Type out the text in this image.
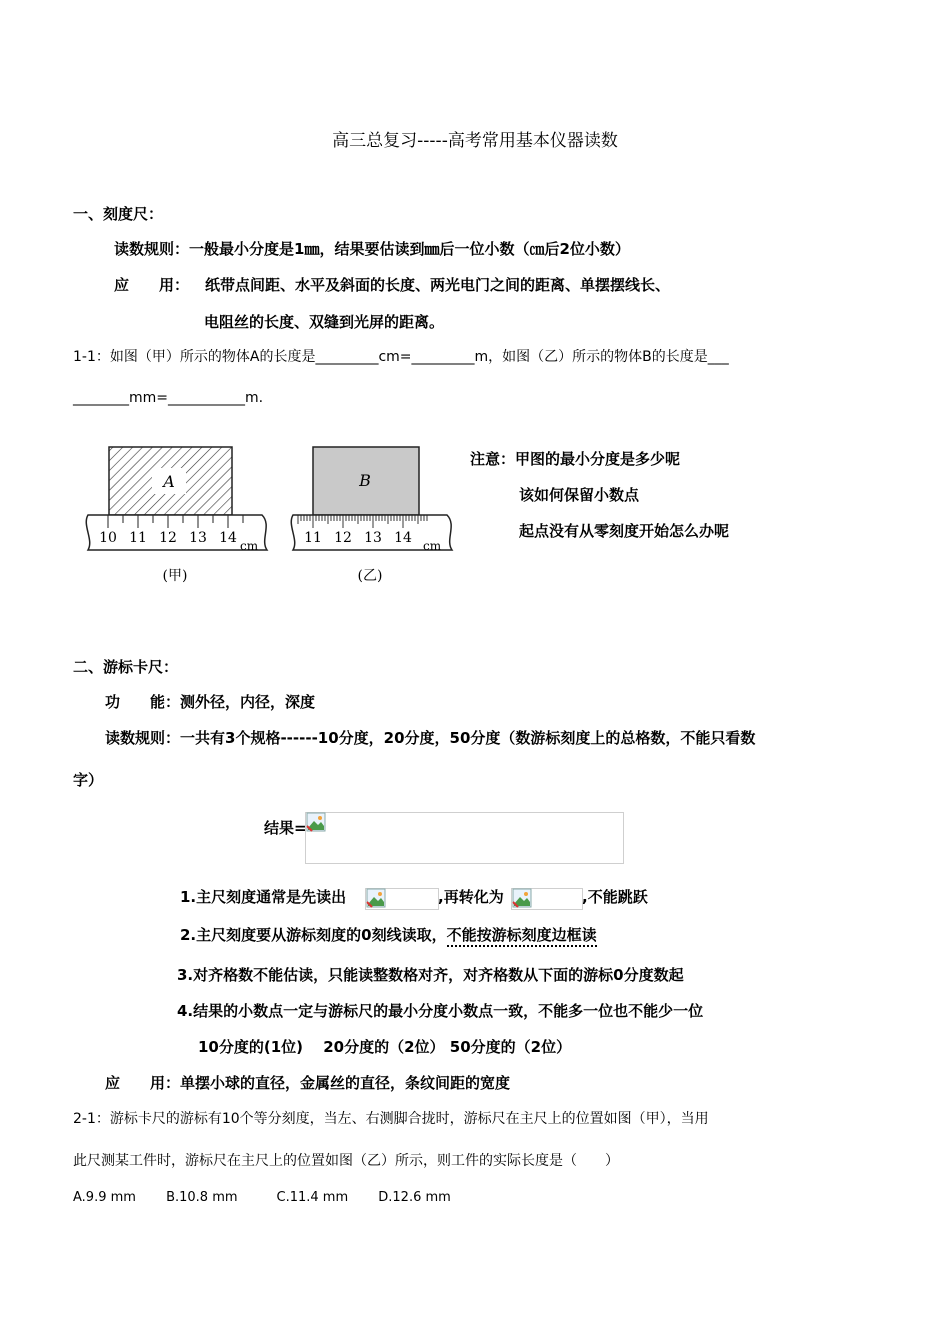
高三总复习-----高考常用基本仪器读数
一、刻度尺：
读数规则：一般最小分度是1㎜，结果要估读到㎜后一位小数（㎝后2位小数）
应　　用： 纸带点间距、水平及斜面的长度、两光电门之间的距离、单摆摆线长、
电阻丝的长度、双缝到光屏的距离。
1-1：如图（甲）所示的物体A的长度是_________cm=_________m，如图（乙）所示的物体B的长度是___
________mm=___________m.
A
10 11 12 13 14 cm
(甲)
B
11 12 13 14 cm
(乙)
注意：甲图的最小分度是多少呢
该如何保留小数点
起点没有从零刻度开始怎么办呢
二、游标卡尺：
功　　能：测外径，内径，深度
读数规则：一共有3个规格------10分度，20分度，50分度（数游标刻度上的总格数，不能只看数
字）
结果=
1.主尺刻度通常是先读出	,再转化为	,不能跳跃
2.主尺刻度要从游标刻度的0刻线读取，不能按游标刻度边框读
3.对齐格数不能估读，只能读整数格对齐，对齐格数从下面的游标0分度数起
4.结果的小数点一定与游标尺的最小分度小数点一致，不能多一位也不能少一位
10分度的(1位)　 20分度的（2位） 50分度的（2位）
应　　用：单摆小球的直径，金属丝的直径，条纹间距的宽度
2-1：游标卡尺的游标有10个等分刻度，当左、右测脚合拢时，游标尺在主尺上的位置如图（甲），当用
此尺测某工件时，游标尺在主尺上的位置如图（乙）所示，则工件的实际长度是（　　）
A.9.9 mm　　 B.10.8 mm　　　C.11.4 mm　　 D.12.6 mm
